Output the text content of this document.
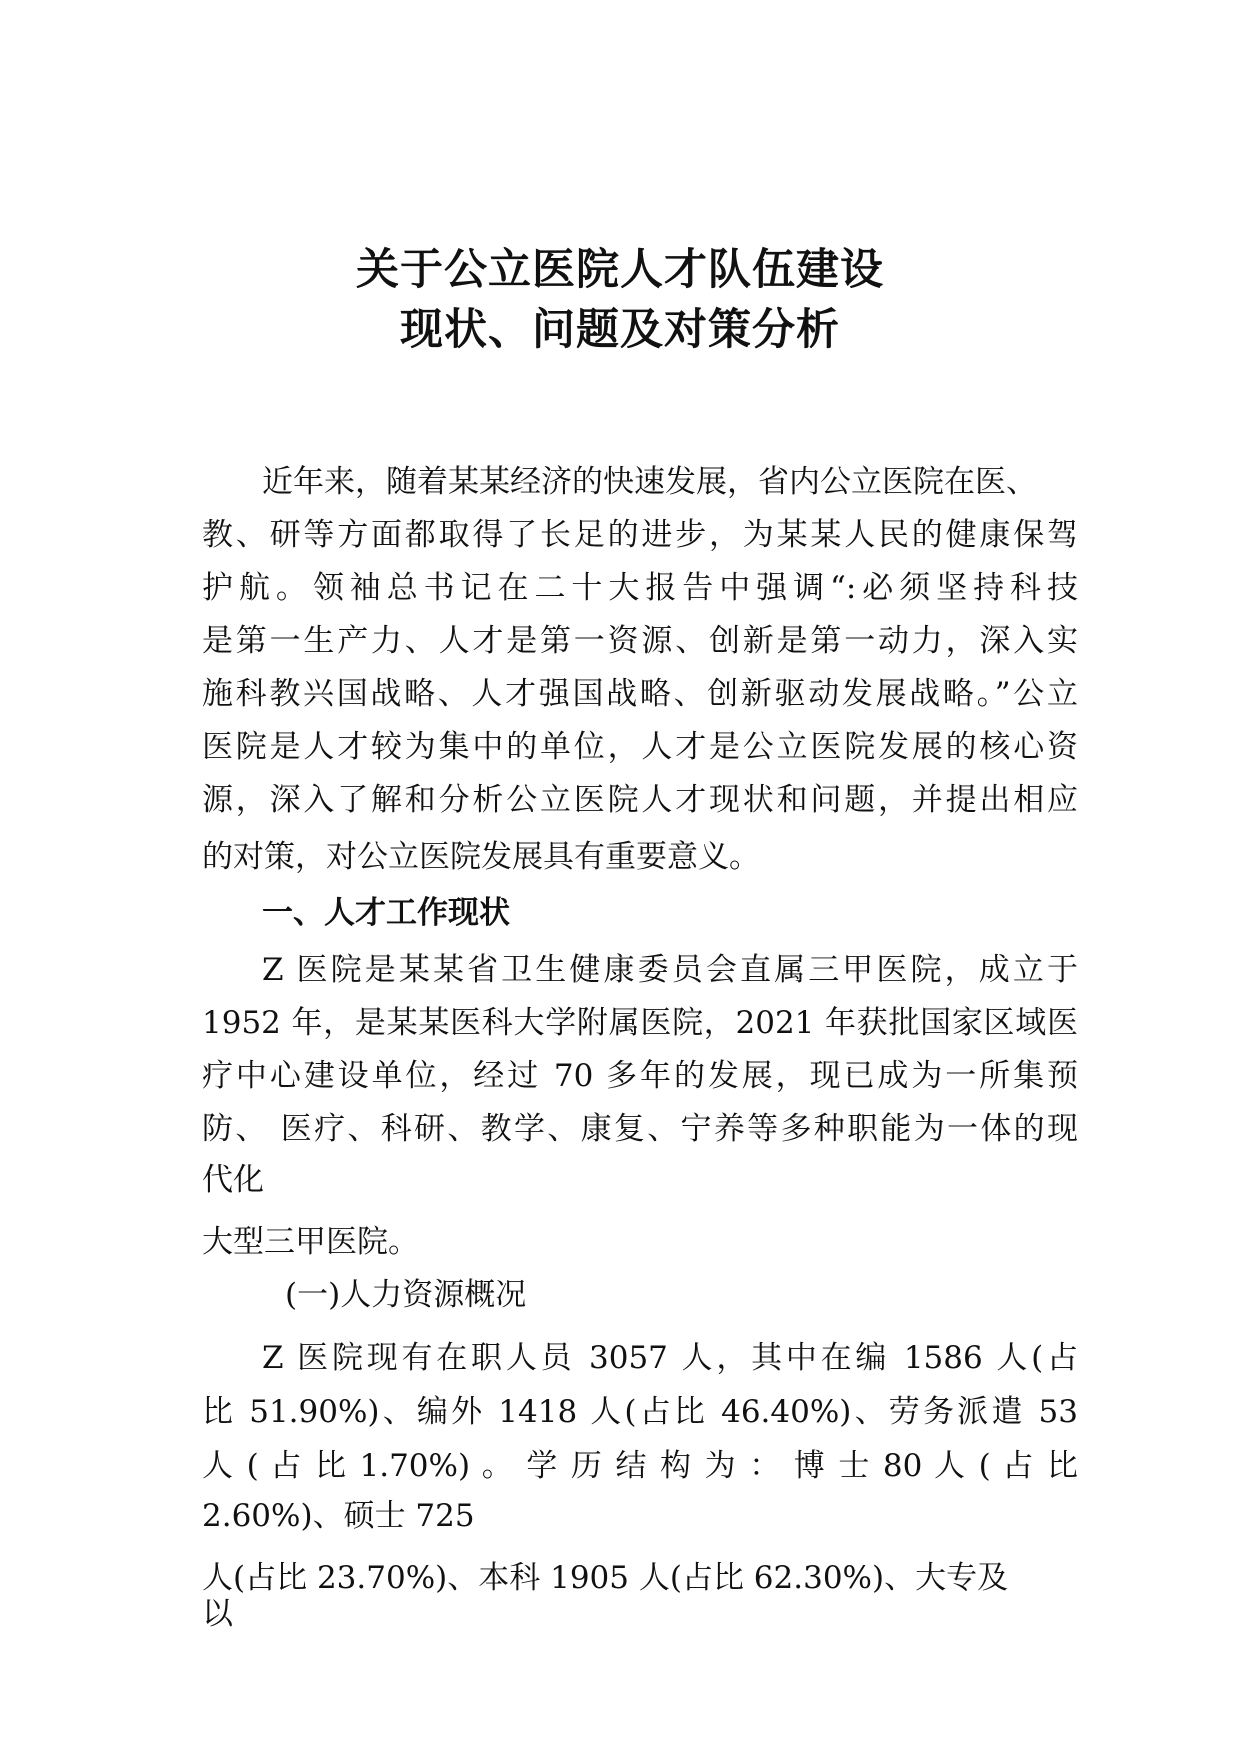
关于公立医院人才队伍建设
现状、问题及对策分析

近年来，随着某某经济的快速发展，省内公立医院在医、

教、研等方面都取得了长足的进步，为某某人民的健康保驾

护航。领袖总书记在二十大报告中强调“:必须坚持科技

是第一生产力、人才是第一资源、创新是第一动力，深入实

施科教兴国战略、人才强国战略、创新驱动发展战略。”公立

医院是人才较为集中的单位，人才是公立医院发展的核心资

源，深入了解和分析公立医院人才现状和问题，并提出相应

的对策，对公立医院发展具有重要意义。

一、人才工作现状

Z 医院是某某省卫生健康委员会直属三甲医院，成立于

1952 年，是某某医科大学附属医院，2021 年获批国家区域医

疗中心建设单位，经过 70 多年的发展，现已成为一所集预

防、 医疗、科研、教学、康复、宁养等多种职能为一体的现

代化

大型三甲医院。

(一)人力资源概况

Z 医院现有在职人员 3057 人，其中在编 1586 人(占

比 51.90%)、编外 1418 人(占比 46.40%)、劳务派遣 53

人 ( 占 比 1.70%) 。 学 历 结 构 为 ： 博 士 80 人 ( 占 比

2.60%)、硕士 725

人(占比 23.70%)、本科 1905 人(占比 62.30%)、大专及

以
